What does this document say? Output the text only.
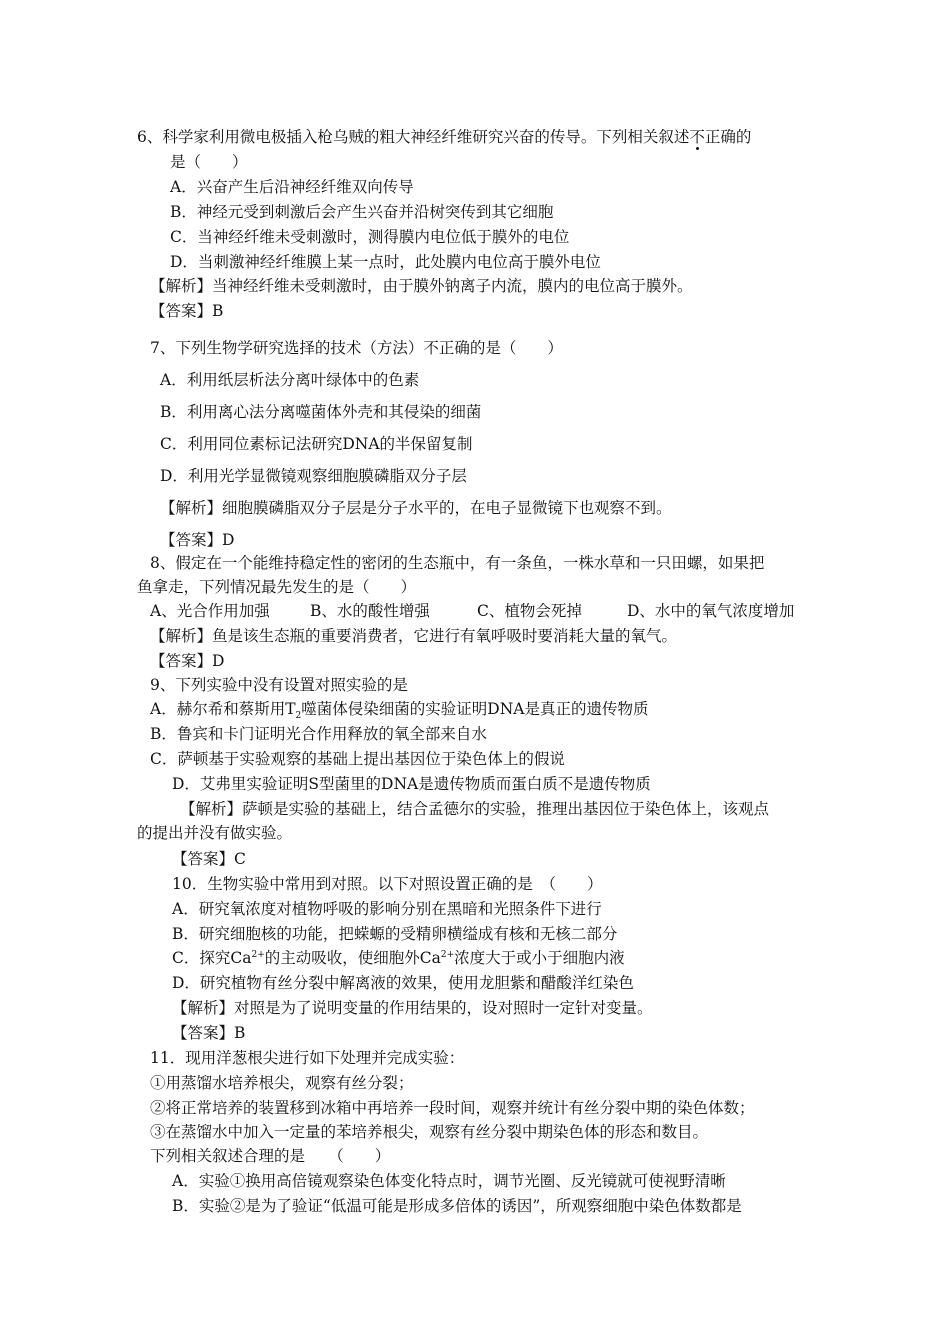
6、科学家利用微电极插入枪乌贼的粗大神经纤维研究兴奋的传导。下列相关叙述不正确的
是（　　）
A．兴奋产生后沿神经纤维双向传导
B．神经元受到刺激后会产生兴奋并沿树突传到其它细胞
C．当神经纤维未受刺激时，测得膜内电位低于膜外的电位
D．当刺激神经纤维膜上某一点时，此处膜内电位高于膜外电位
【解析】当神经纤维未受刺激时，由于膜外钠离子内流，膜内的电位高于膜外。
【答案】B
7、下列生物学研究选择的技术（方法）不正确的是（　　）
A．利用纸层析法分离叶绿体中的色素
B．利用离心法分离噬菌体外壳和其侵染的细菌
C．利用同位素标记法研究DNA的半保留复制
D．利用光学显微镜观察细胞膜磷脂双分子层
【解析】细胞膜磷脂双分子层是分子水平的，在电子显微镜下也观察不到。
【答案】D
8、假定在一个能维持稳定性的密闭的生态瓶中，有一条鱼，一株水草和一只田螺，如果把
鱼拿走，下列情况最先发生的是（　　）
A、光合作用加强	B、水的酸性增强	C、植物会死掉	D、水中的氧气浓度增加
【解析】鱼是该生态瓶的重要消费者，它进行有氧呼吸时要消耗大量的氧气。
【答案】D
9、下列实验中没有设置对照实验的是
A．赫尔希和蔡斯用$T_2$噬菌体侵染细菌的实验证明DNA是真正的遗传物质
B．鲁宾和卡门证明光合作用释放的氧全部来自水
C．萨顿基于实验观察的基础上提出基因位于染色体上的假说
D．艾弗里实验证明S型菌里的DNA是遗传物质而蛋白质不是遗传物质
【解析】萨顿是实验的基础上，结合孟德尔的实验，推理出基因位于染色体上，该观点
的提出并没有做实验。
【答案】C
10．生物实验中常用到对照。以下对照设置正确的是　（　　）
A．研究氧浓度对植物呼吸的影响分别在黑暗和光照条件下进行
B．研究细胞核的功能，把蝾螈的受精卵横缢成有核和无核二部分
C．探究$Ca^{2+}$的主动吸收，使细胞外$Ca^{2+}$浓度大于或小于细胞内液
D．研究植物有丝分裂中解离液的效果，使用龙胆紫和醋酸洋红染色
【解析】对照是为了说明变量的作用结果的，设对照时一定针对变量。
【答案】B
11．现用洋葱根尖进行如下处理并完成实验：
①用蒸馏水培养根尖，观察有丝分裂；
②将正常培养的装置移到冰箱中再培养一段时间，观察并统计有丝分裂中期的染色体数；
③在蒸馏水中加入一定量的苯培养根尖，观察有丝分裂中期染色体的形态和数目。
下列相关叙述合理的是　　（　　）
A．实验①换用高倍镜观察染色体变化特点时，调节光圈、反光镜就可使视野清晰
B．实验②是为了验证“低温可能是形成多倍体的诱因”，所观察细胞中染色体数都是
